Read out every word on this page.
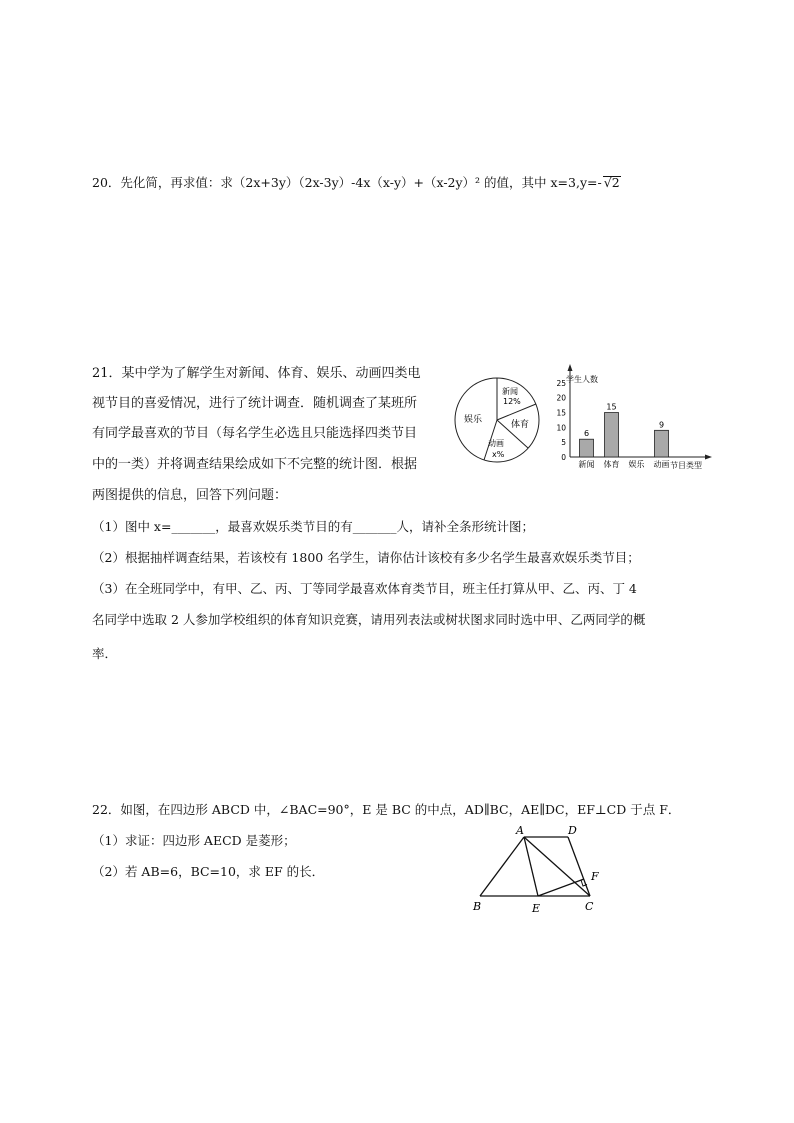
20．先化简，再求值：求（2x+3y）（2x-3y）-4x（x-y）+（x-2y）² 的值，其中 x=3,y=- √2
21．某中学为了解学生对新闻、体育、娱乐、动画四类电
视节目的喜爱情况，进行了统计调查．随机调查了某班所
有同学最喜欢的节目（每名学生必选且只能选择四类节目
中的一类）并将调查结果绘成如下不完整的统计图．根据
两图提供的信息，回答下列问题：
（1）图中 x=_______，最喜欢娱乐类节目的有_______人，请补全条形统计图；
（2）根据抽样调查结果，若该校有 1800 名学生，请你估计该校有多少名学生最喜欢娱乐类节目；
（3）在全班同学中，有甲、乙、丙、丁等同学最喜欢体育类节目，班主任打算从甲、乙、丙、丁 4
名同学中选取 2 人参加学校组织的体育知识竞赛，请用列表法或树状图求同时选中甲、乙两同学的概
率．
新闻
12%
娱乐	体育
动画
x%
学生人数
节目类型
0
5
10
15
20
25
新闻
6
体育
15
娱乐 动画
9
22．如图，在四边形 ABCD 中，∠BAC=90°，E 是 BC 的中点，AD∥BC，AE∥DC，EF⊥CD 于点 F．
（1）求证：四边形 AECD 是菱形；
（2）若 AB=6，BC=10，求 EF 的长．
A	D
B	E	C
F
